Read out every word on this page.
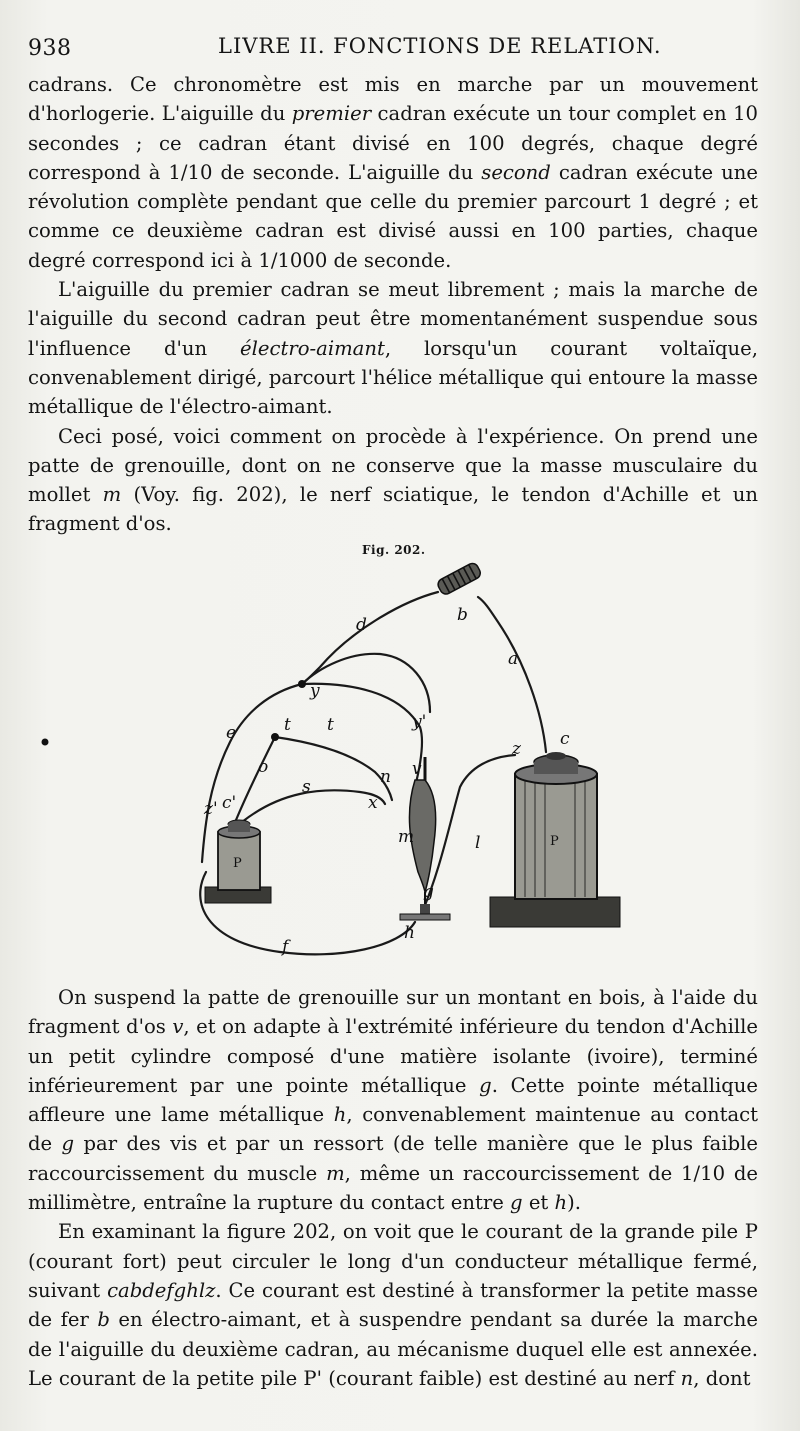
938	LIVRE II. FONCTIONS DE RELATION.

cadrans. Ce chronomètre est mis en marche par un mouvement d'horlogerie. L'aiguille du premier cadran exécute un tour complet en 10 secondes ; ce cadran étant divisé en 100 degrés, chaque degré correspond à 1/10 de seconde. L'aiguille du second cadran exécute une révolution complète pendant que celle du premier parcourt 1 degré ; et comme ce deuxième cadran est divisé aussi en 100 parties, chaque degré correspond ici à 1/1000 de seconde.

L'aiguille du premier cadran se meut librement ; mais la marche de l'aiguille du second cadran peut être momentanément suspendue sous l'influence d'un électro-aimant, lorsqu'un courant voltaïque, convenablement dirigé, parcourt l'hélice métallique qui entoure la masse métallique de l'électro-aimant.

Ceci posé, voici comment on procède à l'expérience. On prend une patte de grenouille, dont on ne conserve que la masse musculaire du mollet m (Voy. fig. 202), le nerf sciatique, le tendon d'Achille et un fragment d'os.

Fig. 202.
b
a
c
d
y
y'
e	t t
o
s	n
x
v
m
g
h
l
z
z' c'
f
P
P

On suspend la patte de grenouille sur un montant en bois, à l'aide du fragment d'os v, et on adapte à l'extrémité inférieure du tendon d'Achille un petit cylindre composé d'une matière isolante (ivoire), terminé inférieurement par une pointe métallique g. Cette pointe métallique affleure une lame métallique h, convenablement maintenue au contact de g par des vis et par un ressort (de telle manière que le plus faible raccourcissement du muscle m, même un raccourcissement de 1/10 de millimètre, entraîne la rupture du contact entre g et h).

En examinant la figure 202, on voit que le courant de la grande pile P (courant fort) peut circuler le long d'un conducteur métallique fermé, suivant cabdefghlz. Ce courant est destiné à transformer la petite masse de fer b en électro-aimant, et à suspendre pendant sa durée la marche de l'aiguille du deuxième cadran, au mécanisme duquel elle est annexée. Le courant de la petite pile P' (courant faible) est destiné au nerf n, dont
